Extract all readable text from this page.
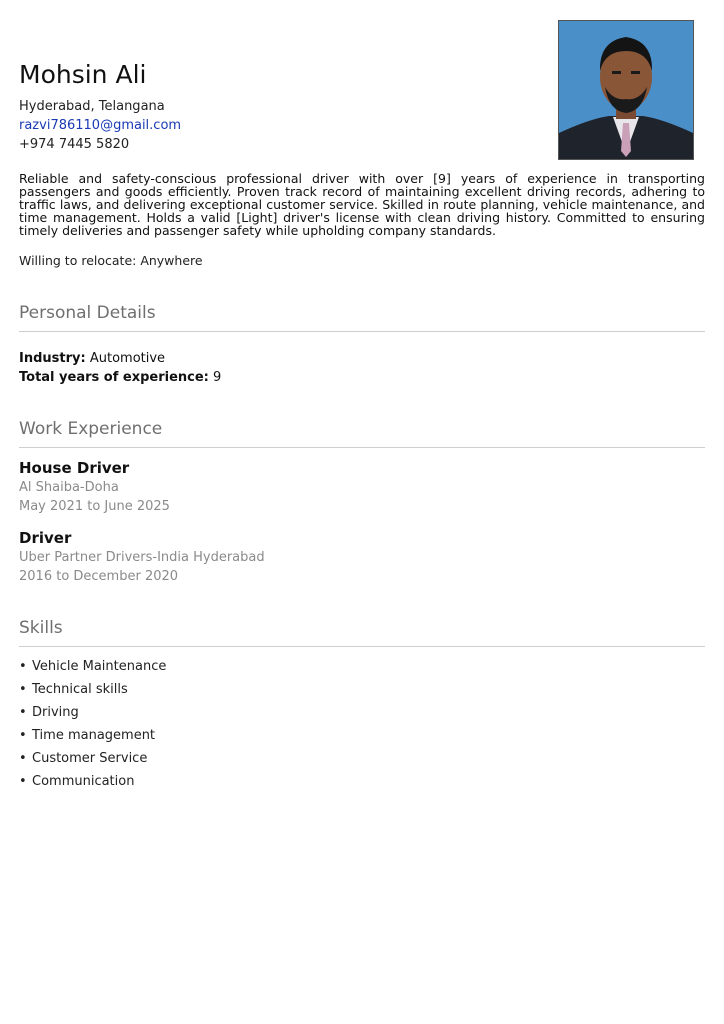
Mohsin Ali
Hyderabad, Telangana
razvi786110@gmail.com
+974 7445 5820

Reliable and safety-conscious professional driver with over [9] years of experience in transporting passengers and goods efficiently. Proven track record of maintaining excellent driving records, adhering to traffic laws, and delivering exceptional customer service. Skilled in route planning, vehicle maintenance, and time management. Holds a valid [Light] driver's license with clean driving history. Committed to ensuring timely deliveries and passenger safety while upholding company standards.

Willing to relocate: Anywhere
Personal Details
Industry: Automotive
Total years of experience: 9
Work Experience
House Driver
Al Shaiba-Doha
May 2021 to June 2025
Driver
Uber Partner Drivers-India Hyderabad
2016 to December 2020
Skills
• Vehicle Maintenance
• Technical skills
• Driving
• Time management
• Customer Service
• Communication
